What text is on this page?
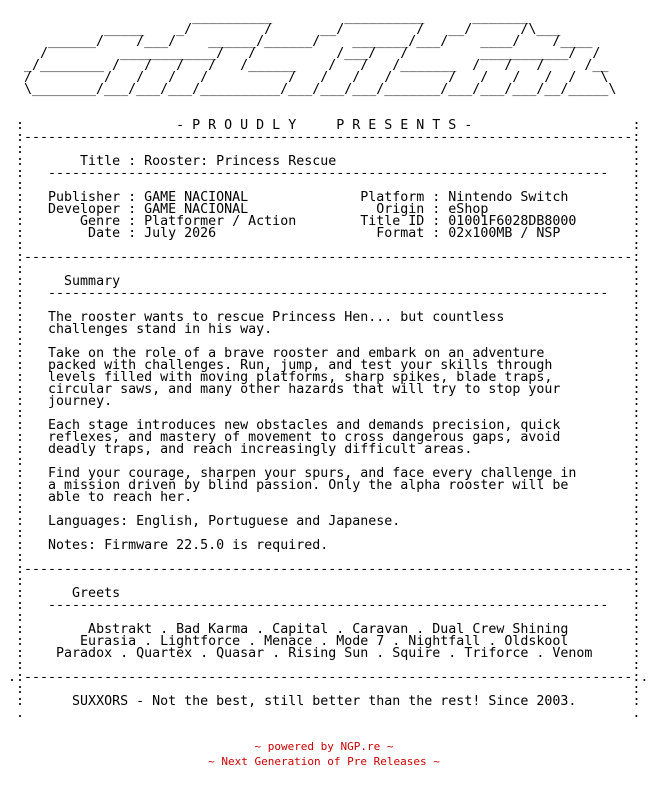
__________         __________      _______
_____    _/         /      __/         /   __/      /\___
______/    /___/    ______/______/    _______/___/    ____/    /____
/         ____________/   /          /___/   /         ___________/  /
_/________ /   /   /   /   /______    /   /   /_______  /   /   /     /__
/         /   /   /   /          /   /   /   /       /   /   /   /  /   \
\________/___/___/___/__________/___/___/___/_______/___/___/___/__/_____\
:                   - P R O U D L Y     P R E S E N T S -                    :
:----------------------------------------------------------------------------:
:                                                                            :
:       Title : Rooster: Princess Rescue                                     :
:   ----------------------------------------------------------------------   :
:                                                                            :
:   Publisher : GAME NACIONAL              Platform : Nintendo Switch        :
:   Developer : GAME NACIONAL                Origin : eShop                  :
:       Genre : Platformer / Action        Title ID : 01001F6028DB8000       :
:        Date : July 2026                    Format : 02x100MB / NSP         :
:                                                                            :
:----------------------------------------------------------------------------:
:                                                                            :
:     Summary                                                                :
:   ----------------------------------------------------------------------   :
:                                                                            :
:   The rooster wants to rescue Princess Hen... but countless                :
:   challenges stand in his way.                                             :
:                                                                            :
:   Take on the role of a brave rooster and embark on an adventure           :
:   packed with challenges. Run, jump, and test your skills through          :
:   levels filled with moving platforms, sharp spikes, blade traps,          :
:   circular saws, and many other hazards that will try to stop your         :
:   journey.                                                                 :
:                                                                            :
:   Each stage introduces new obstacles and demands precision, quick         :
:   reflexes, and mastery of movement to cross dangerous gaps, avoid         :
:   deadly traps, and reach increasingly difficult areas.                    :
:                                                                            :
:   Find your courage, sharpen your spurs, and face every challenge in       :
:   a mission driven by blind passion. Only the alpha rooster will be        :
:   able to reach her.                                                       :
:                                                                            :
:   Languages: English, Portuguese and Japanese.                             :
:                                                                            :
:   Notes: Firmware 22.5.0 is required.                                      :
:                                                                            :
:----------------------------------------------------------------------------:
:                                                                            :
:      Greets                                                                :
:   ----------------------------------------------------------------------   :
:                                                                            :
:        Abstrakt . Bad Karma . Capital . Caravan . Dual Crew Shining        :
:       Eurasia . Lightforce . Menace . Mode 7 . Nightfall . Oldskool        :
:    Paradox . Quartex . Quasar . Rising Sun . Squire . Triforce . Venom     :
:                                                                            :
.:----------------------------------------------------------------------------:.
:                                                                            :
:      SUXXORS - Not the best, still better than the rest! Since 2003.       :
.                                                                            .
~ powered by NGP.re ~
~ Next Generation of Pre Releases ~
